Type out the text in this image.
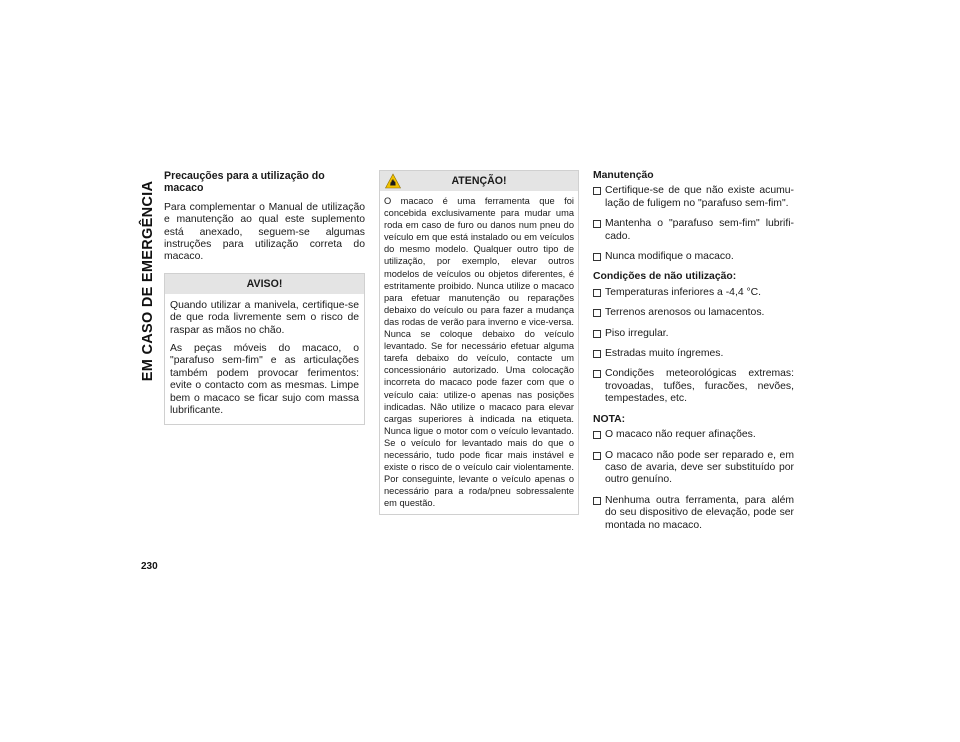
EM CASO DE EMERGÊNCIA
230
Precauções para a utilização do macaco

Para complementar o Manual de utilização e manutenção ao qual este suplemento está anexado, seguem-se algumas instruções para utilização correta do macaco.

AVISO!

Quando utilizar a manivela, certifique-se de que roda livremente sem o risco de raspar as mãos no chão.

As peças móveis do macaco, o "parafuso sem-fim" e as articulações também podem provocar ferimentos: evite o contacto com as mesmas. Limpe bem o macaco se ficar sujo com massa lubrificante.

ATENÇÃO!

O macaco é uma ferramenta que foi concebida exclusivamente para mudar uma roda em caso de furo ou danos num pneu do veículo em que está instalado ou em veículos do mesmo modelo. Qualquer outro tipo de utilização, por exemplo, elevar outros modelos de veículos ou objetos diferentes, é estritamente proibido. Nunca utilize o macaco para efetuar manutenção ou reparações debaixo do veículo ou para fazer a mudança das rodas de verão para inverno e vice-versa. Nunca se coloque debaixo do veículo levantado. Se for necessário efetuar alguma tarefa debaixo do veículo, contacte um concessionário autorizado. Uma colocação incorreta do macaco pode fazer com que o veículo caia: utilize-o apenas nas posições indicadas. Não utilize o macaco para elevar cargas superiores à indicada na etiqueta. Nunca ligue o motor com o veículo levantado. Se o veículo for levantado mais do que o necessário, tudo pode ficar mais instável e existe o risco de o veículo cair violentamente. Por conseguinte, levante o veículo apenas o necessário para a roda/pneu sobressalente em questão.

Manutenção
Certifique-se de que não existe acumu-lação de fuligem no "parafuso sem-fim".
Mantenha o "parafuso sem-fim" lubrifi-cado.
Nunca modifique o macaco.
Condições de não utilização:
Temperaturas inferiores a -4,4 °C.
Terrenos arenosos ou lamacentos.
Piso irregular.
Estradas muito íngremes.
Condições meteorológicas extremas: trovoadas, tufões, furacões, nevões, tempestades, etc.
NOTA:
O macaco não requer afinações.
O macaco não pode ser reparado e, em caso de avaria, deve ser substituído por outro genuíno.
Nenhuma outra ferramenta, para além do seu dispositivo de elevação, pode ser montada no macaco.
